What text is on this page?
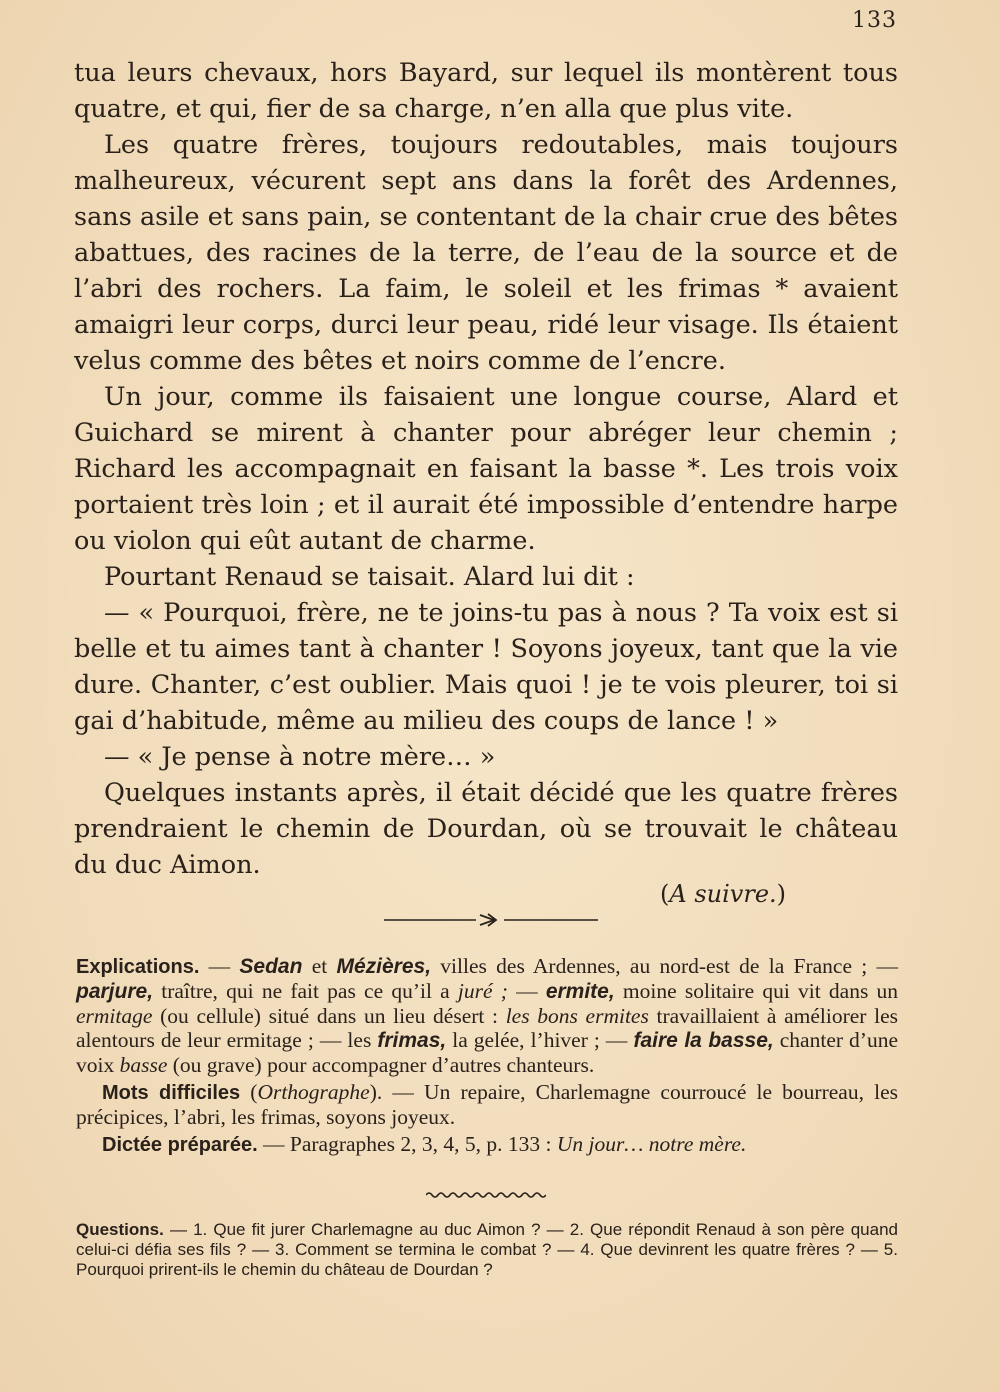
133

tua leurs chevaux, hors Bayard, sur lequel ils montèrent tous quatre, et qui, fier de sa charge, n’en alla que plus vite.

Les quatre frères, toujours redoutables, mais toujours malheureux, vécurent sept ans dans la forêt des Ardennes, sans asile et sans pain, se contentant de la chair crue des bêtes abattues, des racines de la terre, de l’eau de la source et de l’abri des rochers. La faim, le soleil et les frimas * avaient amaigri leur corps, durci leur peau, ridé leur visage. Ils étaient velus comme des bêtes et noirs comme de l’encre.

Un jour, comme ils faisaient une longue course, Alard et Guichard se mirent à chanter pour abréger leur chemin ; Richard les accompagnait en faisant la basse *. Les trois voix portaient très loin ; et il aurait été impossible d’entendre harpe ou violon qui eût autant de charme.

Pourtant Renaud se taisait. Alard lui dit :

— « Pourquoi, frère, ne te joins-tu pas à nous ? Ta voix est si belle et tu aimes tant à chanter ! Soyons joyeux, tant que la vie dure. Chanter, c’est oublier. Mais quoi ! je te vois pleurer, toi si gai d’habitude, même au milieu des coups de lance ! »

— « Je pense à notre mère… »

Quelques instants après, il était décidé que les quatre frères prendraient le chemin de Dourdan, où se trouvait le château du duc Aimon.

(A suivre.)

Explications. — Sedan et Mézières, villes des Ardennes, au nord-est de la France ; — parjure, traître, qui ne fait pas ce qu’il a juré ; — ermite, moine solitaire qui vit dans un ermitage (ou cellule) situé dans un lieu désert : les bons ermites travaillaient à améliorer les alentours de leur ermitage ; — les frimas, la gelée, l’hiver ; — faire la basse, chanter d’une voix basse (ou grave) pour accompagner d’autres chanteurs.

Mots difficiles (Orthographe). — Un repaire, Charlemagne courroucé le bourreau, les précipices, l’abri, les frimas, soyons joyeux.

Dictée préparée. — Paragraphes 2, 3, 4, 5, p. 133 : Un jour… notre mère.

Questions. — 1. Que fit jurer Charlemagne au duc Aimon ? — 2. Que répondit Renaud à son père quand celui-ci défia ses fils ? — 3. Comment se termina le combat ? — 4. Que devinrent les quatre frères ? — 5. Pourquoi prirent-ils le chemin du château de Dourdan ?
